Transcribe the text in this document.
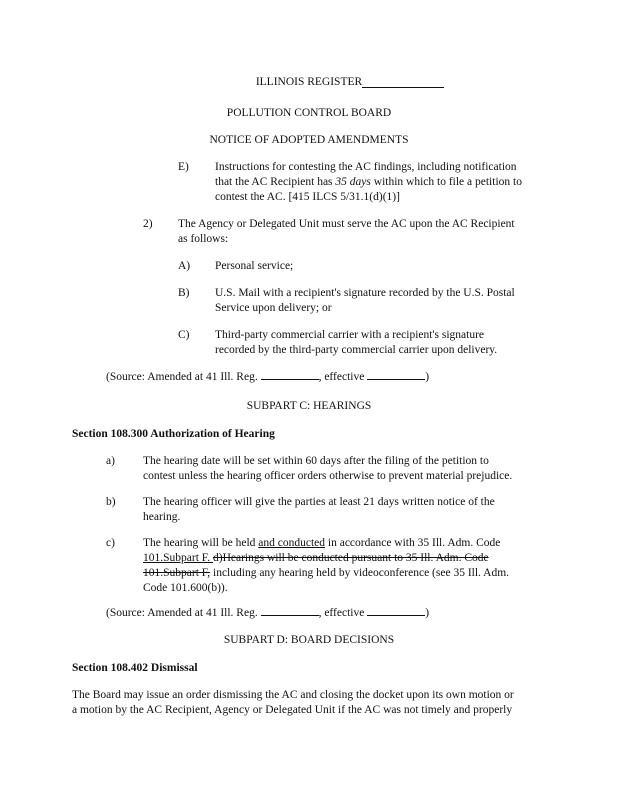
ILLINOIS REGISTER
POLLUTION CONTROL BOARD
NOTICE OF ADOPTED AMENDMENTS
E) Instructions for contesting the AC findings, including notification
that the AC Recipient has 35 days within which to file a petition to
contest the AC. [415 ILCS 5/31.1(d)(1)]
2) The Agency or Delegated Unit must serve the AC upon the AC Recipient
as follows:
A) Personal service;
B) U.S. Mail with a recipient's signature recorded by the U.S. Postal
Service upon delivery; or
C) Third-party commercial carrier with a recipient's signature
recorded by the third-party commercial carrier upon delivery.
(Source: Amended at 41 Ill. Reg.	, effective	)
SUBPART C: HEARINGS
Section 108.300 Authorization of Hearing
a) The hearing date will be set within 60 days after the filing of the petition to
contest unless the hearing officer orders otherwise to prevent material prejudice.
b) The hearing officer will give the parties at least 21 days written notice of the
hearing.
c) The hearing will be held and conducted in accordance with 35 Ill. Adm. Code
101.Subpart F. d)Hearings will be conducted pursuant to 35 Ill. Adm. Code
101.Subpart F, including any hearing held by videoconference (see 35 Ill. Adm.
Code 101.600(b)).
(Source: Amended at 41 Ill. Reg.	, effective	)
SUBPART D: BOARD DECISIONS
Section 108.402 Dismissal
The Board may issue an order dismissing the AC and closing the docket upon its own motion or
a motion by the AC Recipient, Agency or Delegated Unit if the AC was not timely and properly
